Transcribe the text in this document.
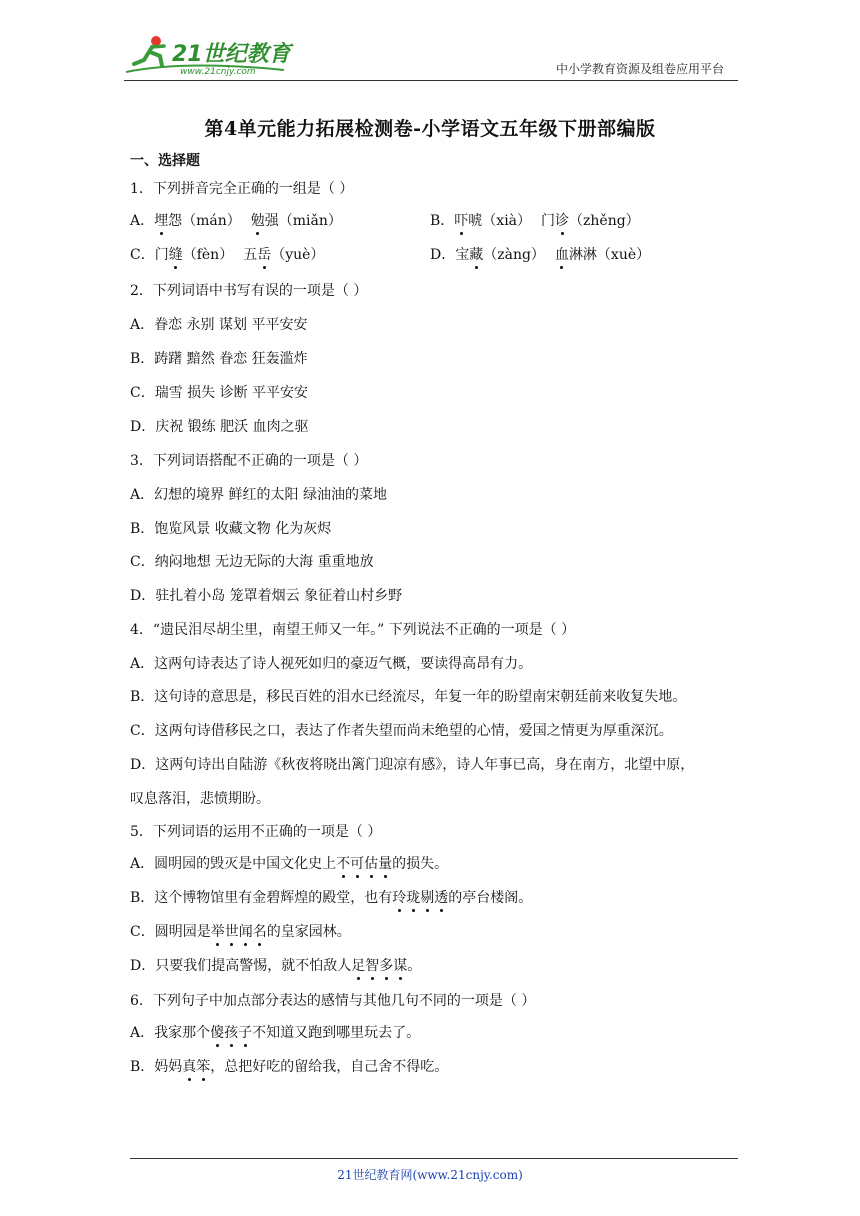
21世纪教育
www.21cnjy.com	中小学教育资源及组卷应用平台
第4单元能力拓展检测卷-小学语文五年级下册部编版
一、选择题
1．下列拼音完全正确的一组是（ ）
A．埋怨（mán） 勉强（miǎn）	B．吓唬（xià） 门诊（zhěng）
C．门缝（fèn） 五岳（yuè）	D．宝藏（zàng） 血淋淋（xuè）
2．下列词语中书写有误的一项是（ ）
A．眷恋 永别 谋划 平平安安
B．踌躇 黯然 眷恋 狂轰滥炸
C．瑞雪 损失 诊断 平平安安
D．庆祝 锻练 肥沃 血肉之驱
3．下列词语搭配不正确的一项是（ ）
A．幻想的境界 鲜红的太阳 绿油油的菜地
B．饱览风景 收藏文物 化为灰烬
C．纳闷地想 无边无际的大海 重重地放
D．驻扎着小岛 笼罩着烟云 象征着山村乡野
4．“遗民泪尽胡尘里，南望王师又一年。” 下列说法不正确的一项是（ ）
A．这两句诗表达了诗人视死如归的豪迈气概，要读得高昂有力。
B．这句诗的意思是，移民百姓的泪水已经流尽，年复一年的盼望南宋朝廷前来收复失地。
C．这两句诗借移民之口，表达了作者失望而尚未绝望的心情，爱国之情更为厚重深沉。
D．这两句诗出自陆游《秋夜将晓出篱门迎凉有感》，诗人年事已高，身在南方，北望中原，
叹息落泪，悲愤期盼。
5．下列词语的运用不正确的一项是（ ）
A．圆明园的毁灭是中国文化史上不可估量的损失。
B．这个博物馆里有金碧辉煌的殿堂，也有玲珑剔透的亭台楼阁。
C．圆明园是举世闻名的皇家园林。
D．只要我们提高警惕，就不怕敌人足智多谋。
6．下列句子中加点部分表达的感情与其他几句不同的一项是（ ）
A．我家那个傻孩子不知道又跑到哪里玩去了。
B．妈妈真笨，总把好吃的留给我，自己舍不得吃。
21世纪教育网(www.21cnjy.com)
